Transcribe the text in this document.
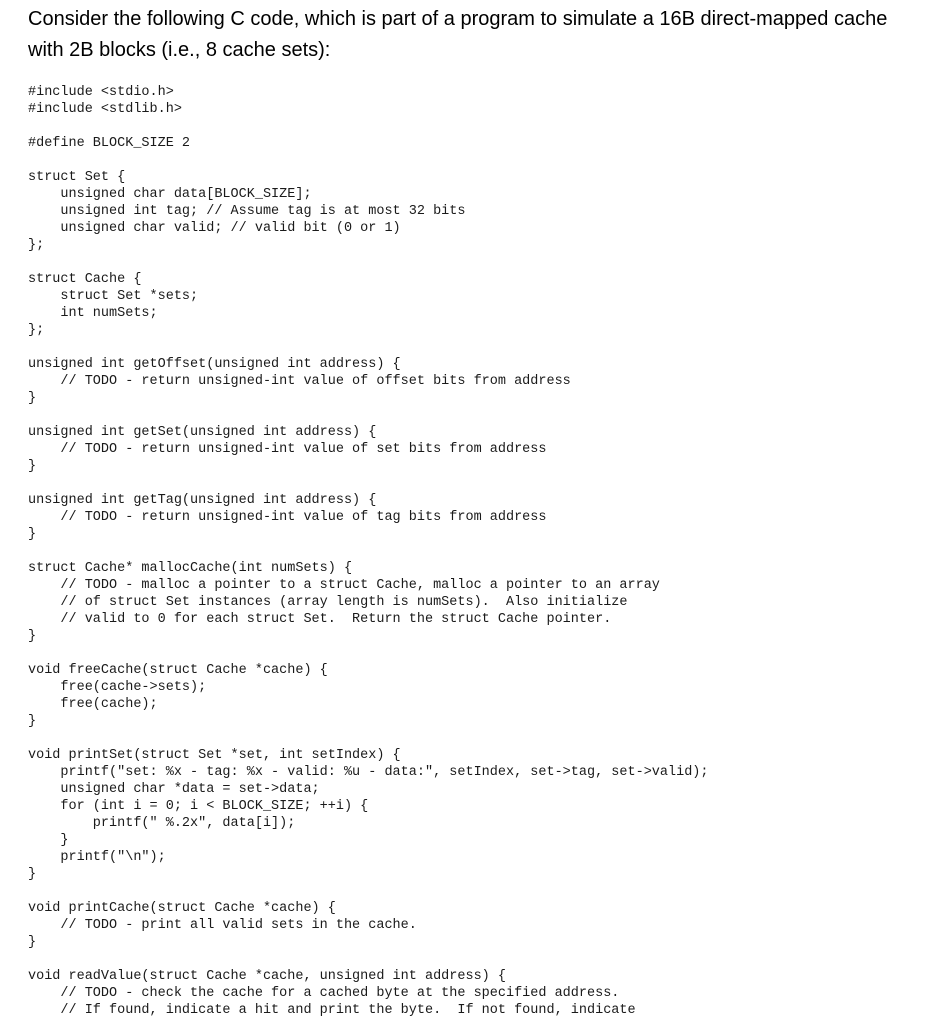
Consider the following C code, which is part of a program to simulate a 16B direct-mapped cache with 2B blocks (i.e., 8 cache sets):
#include <stdio.h>
#include <stdlib.h>
#define BLOCK_SIZE 2
struct Set {
unsigned char data[BLOCK_SIZE];
unsigned int tag; // Assume tag is at most 32 bits
unsigned char valid; // valid bit (0 or 1)
};
struct Cache {
struct Set *sets;
int numSets;
};
unsigned int getOffset(unsigned int address) {
// TODO - return unsigned-int value of offset bits from address
}
unsigned int getSet(unsigned int address) {
// TODO - return unsigned-int value of set bits from address
}
unsigned int getTag(unsigned int address) {
// TODO - return unsigned-int value of tag bits from address
}
struct Cache* mallocCache(int numSets) {
// TODO - malloc a pointer to a struct Cache, malloc a pointer to an array
// of struct Set instances (array length is numSets).  Also initialize
// valid to 0 for each struct Set.  Return the struct Cache pointer.
}
void freeCache(struct Cache *cache) {
free(cache->sets);
free(cache);
}
void printSet(struct Set *set, int setIndex) {
printf("set: %x - tag: %x - valid: %u - data:", setIndex, set->tag, set->valid);
unsigned char *data = set->data;
for (int i = 0; i < BLOCK_SIZE; ++i) {
printf(" %.2x", data[i]);
}
printf("\n");
}
void printCache(struct Cache *cache) {
// TODO - print all valid sets in the cache.
}
void readValue(struct Cache *cache, unsigned int address) {
// TODO - check the cache for a cached byte at the specified address.
// If found, indicate a hit and print the byte.  If not found, indicate
